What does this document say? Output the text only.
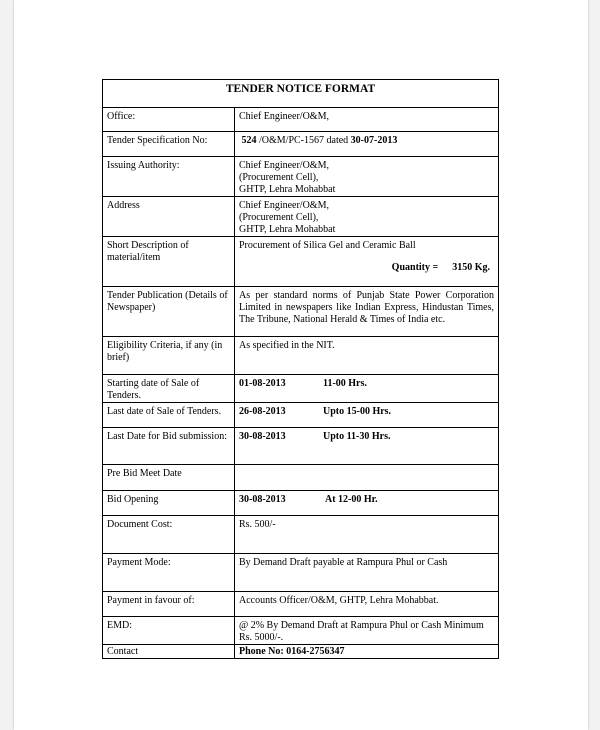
TENDER NOTICE FORMAT	
Office:	Chief Engineer/O&M,
Tender Specification No:	524 /O&M/PC-1567 dated 30-07-2013
Issuing Authority:	Chief Engineer/O&M,
(Procurement Cell),
GHTP, Lehra Mohabbat

Address	Chief Engineer/O&M,
(Procurement Cell),
GHTP, Lehra Mohabbat

Short Description of material/item	Procurement of Silica Gel and Ceramic Ball
Quantity = 3150 Kg.

Tender Publication (Details of Newspaper)	As per standard norms of Punjab State Power Corporation Limited in newspapers like Indian Express, Hindustan Times, The Tribune, National Herald & Times of India etc.
Eligibility Criteria, if any (in brief)	As specified in the NIT.
Starting date of Sale of Tenders.	01-08-2013 11-00 Hrs.
Last date of Sale of Tenders.	26-08-2013 Upto 15-00 Hrs.
Last Date for Bid submission:	30-08-2013 Upto 11-30 Hrs.
Pre Bid Meet Date	
Bid Opening	30-08-2013 At 12-00 Hr.
Document Cost:	Rs. 500/-
Payment Mode:	By Demand Draft payable at Rampura Phul or Cash
Payment in favour of:	Accounts Officer/O&M, GHTP, Lehra Mohabbat.
EMD:	@ 2% By Demand Draft at Rampura Phul or Cash Minimum Rs. 5000/-.
Contact	Phone No: 0164-2756347
